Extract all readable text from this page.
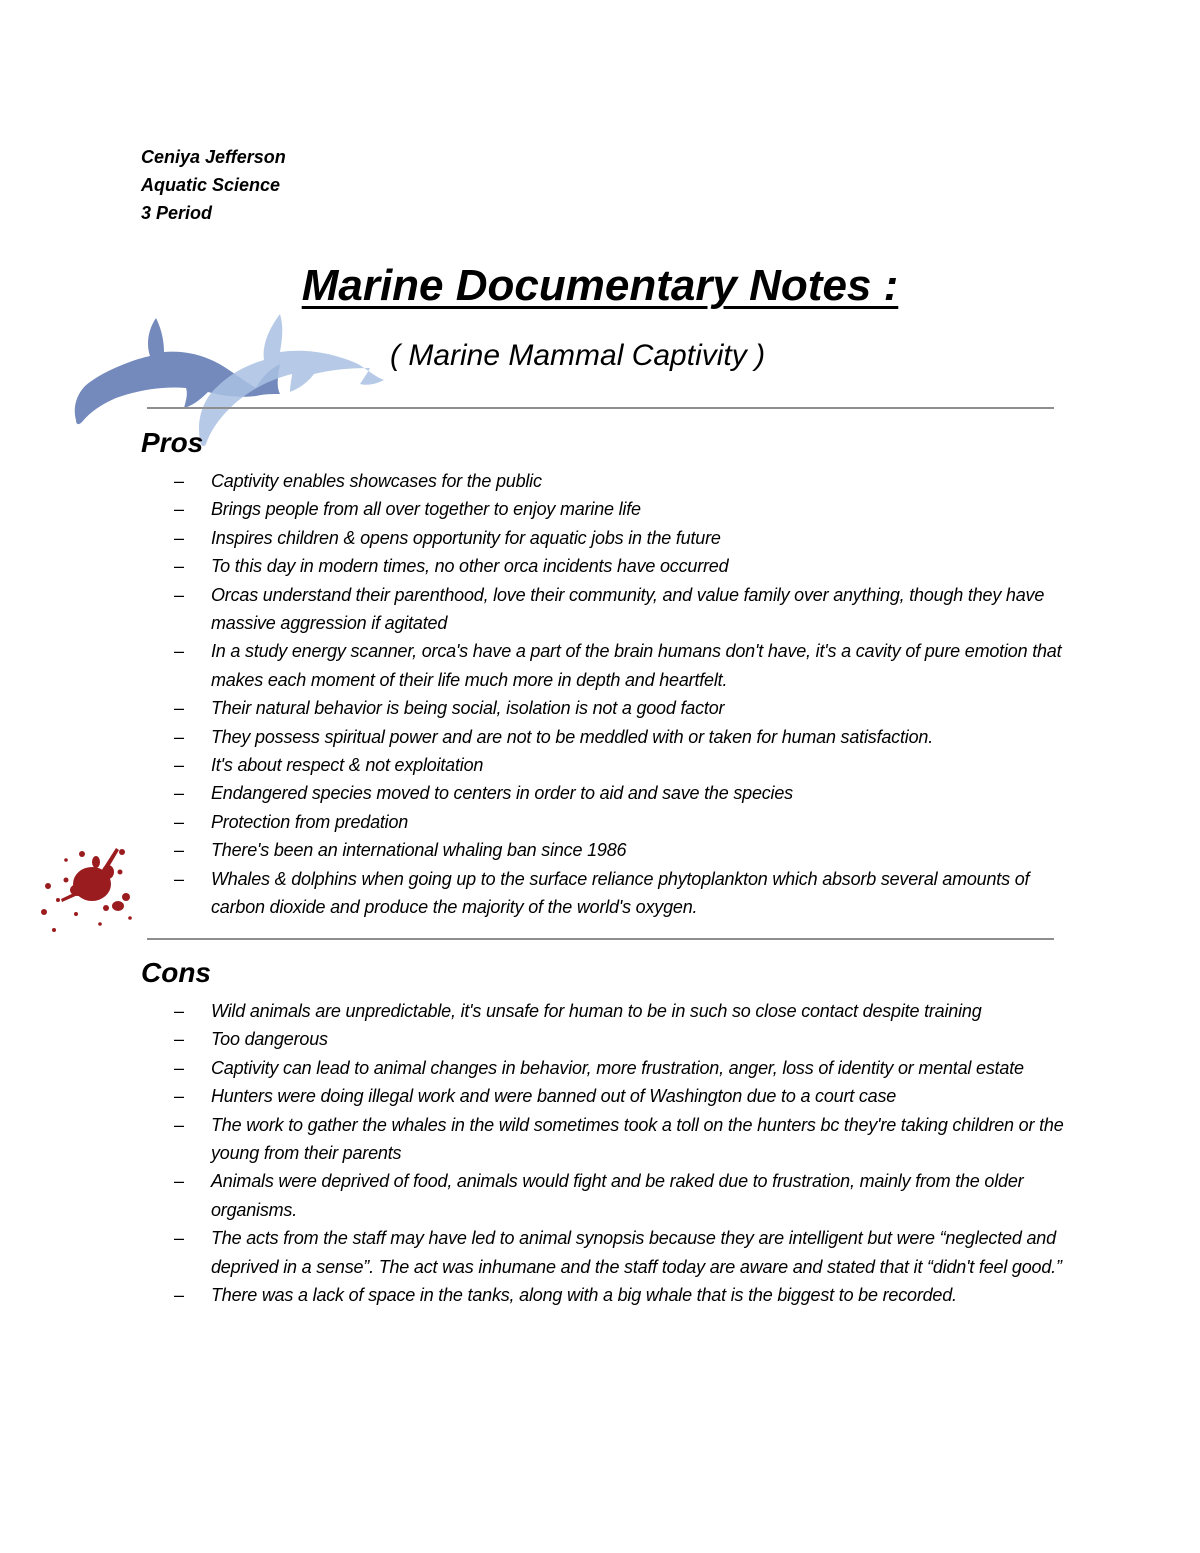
Ceniya Jefferson
Aquatic Science
3 Period
Marine Documentary Notes :
( Marine Mammal Captivity )
Pros
– Captivity enables showcases for the public
– Brings people from all over together to enjoy marine life
– Inspires children & opens opportunity for aquatic jobs in the future
– To this day in modern times, no other orca incidents have occurred
– Orcas understand their parenthood, love their community, and value family over anything, though they have massive aggression if agitated
– In a study energy scanner, orca's have a part of the brain humans don't have, it's a cavity of pure emotion that makes each moment of their life much more in depth and heartfelt.
– Their natural behavior is being social, isolation is not a good factor
– They possess spiritual power and are not to be meddled with or taken for human satisfaction.
– It's about respect & not exploitation
– Endangered species moved to centers in order to aid and save the species
– Protection from predation
– There's been an international whaling ban since 1986
– Whales & dolphins when going up to the surface reliance phytoplankton which absorb several amounts of carbon dioxide and produce the majority of the world's oxygen.
Cons
– Wild animals are unpredictable, it's unsafe for human to be in such so close contact despite training
– Too dangerous
– Captivity can lead to animal changes in behavior, more frustration, anger, loss of identity or mental estate
– Hunters were doing illegal work and were banned out of Washington due to a court case
– The work to gather the whales in the wild sometimes took a toll on the hunters bc they're taking children or the young from their parents
– Animals were deprived of food, animals would fight and be raked due to frustration, mainly from the older organisms.
– The acts from the staff may have led to animal synopsis because they are intelligent but were “neglected and deprived in a sense”. The act was inhumane and the staff today are aware and stated that it “didn't feel good.”
– There was a lack of space in the tanks, along with a big whale that is the biggest to be recorded.
